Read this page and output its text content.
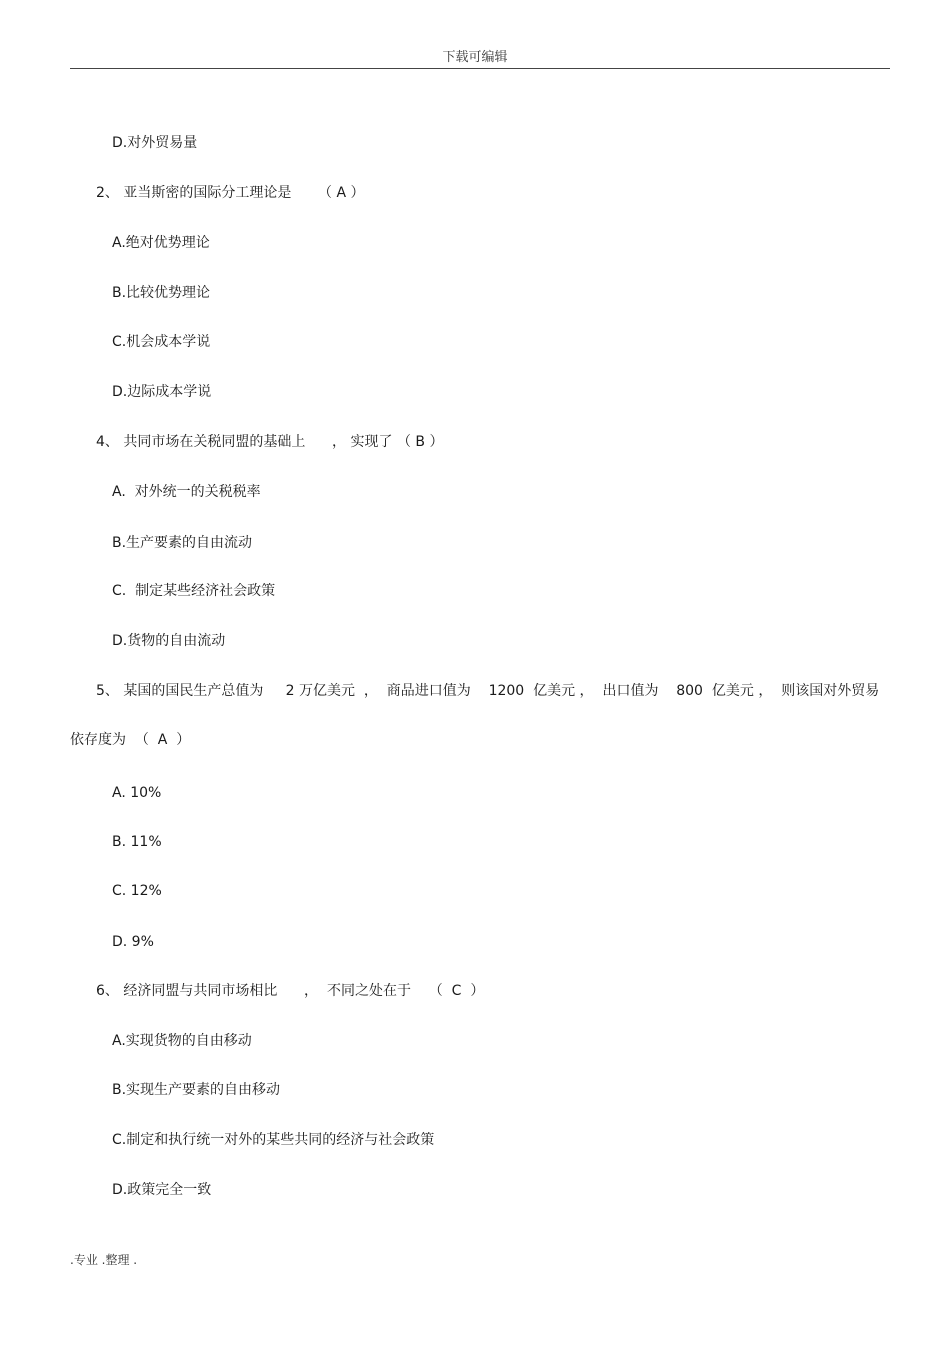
下载可编辑
D.对外贸易量
2、 亚当斯密的国际分工理论是      （ A ）
A.绝对优势理论
B.比较优势理论
C.机会成本学说
D.边际成本学说
4、 共同市场在关税同盟的基础上      ， 实现了 （ B ）
A.  对外统一的关税税率
B.生产要素的自由流动
C.  制定某些经济社会政策
D.货物的自由流动
5、 某国的国民生产总值为     2 万亿美元  ，  商品进口值为    1200  亿美元 ，  出口值为    800  亿美元 ，  则该国对外贸易
依存度为  （  A  ）
A. 10%
B. 11%
C. 12%
D. 9%
6、 经济同盟与共同市场相比      ，  不同之处在于    （  C  ）
A.实现货物的自由移动
B.实现生产要素的自由移动
C.制定和执行统一对外的某些共同的经济与社会政策
D.政策完全一致
.专业 .整理 .
